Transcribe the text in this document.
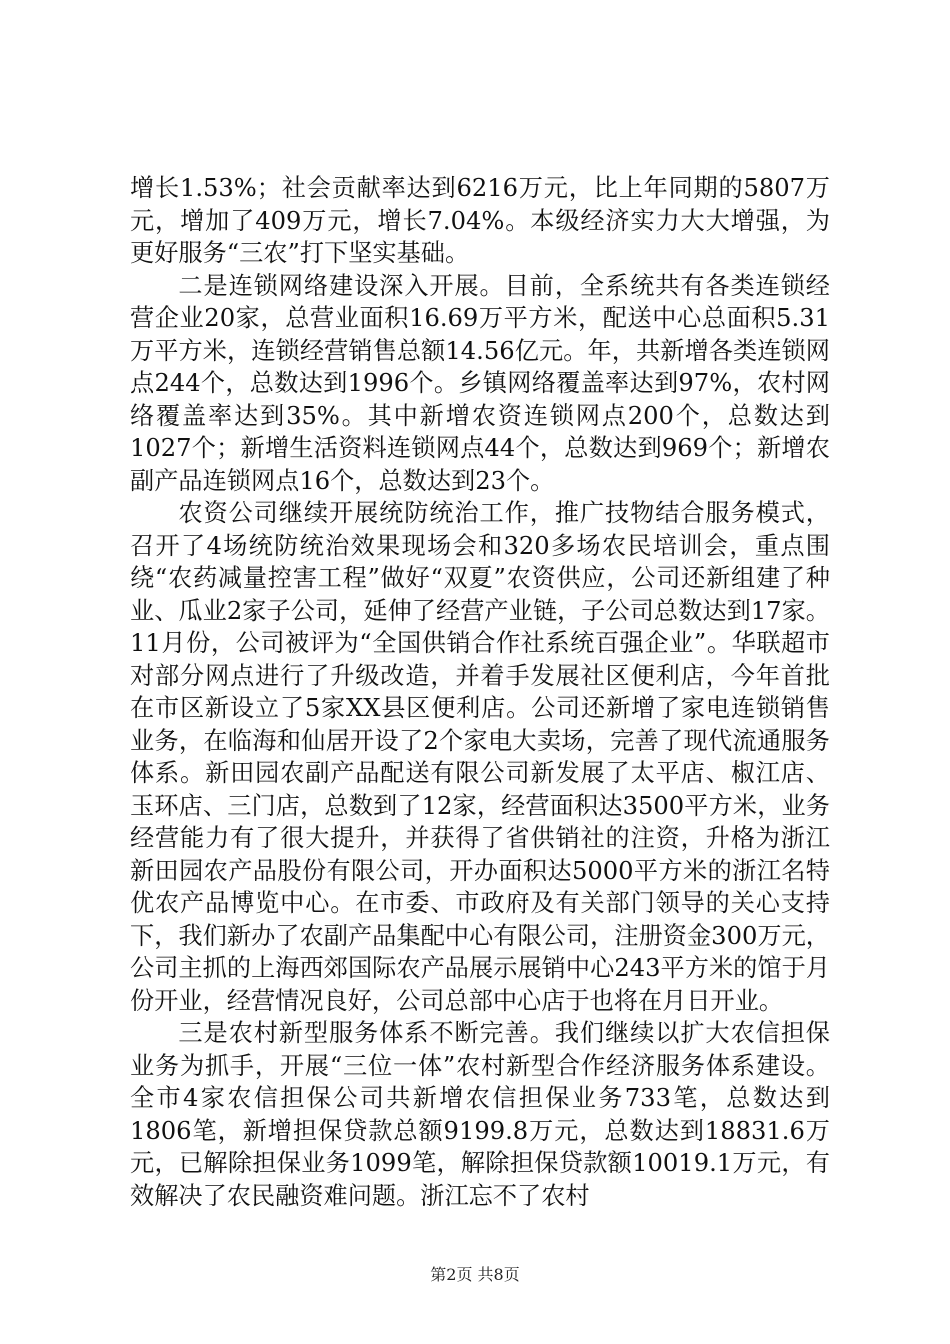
增长1.53%；社会贡献率达到6216万元，比上年同期的5807万元，增加了409万元，增长7.04%。本级经济实力大大增强，为更好服务“三农”打下坚实基础。

二是连锁网络建设深入开展。目前，全系统共有各类连锁经营企业20家，总营业面积16.69万平方米，配送中心总面积5.31万平方米，连锁经营销售总额14.56亿元。年，共新增各类连锁网点244个，总数达到1996个。乡镇网络覆盖率达到97%，农村网络覆盖率达到35%。其中新增农资连锁网点200个，总数达到1027个；新增生活资料连锁网点44个，总数达到969个；新增农副产品连锁网点16个，总数达到23个。

农资公司继续开展统防统治工作，推广技物结合服务模式，召开了4场统防统治效果现场会和320多场农民培训会，重点围绕“农药减量控害工程”做好“双夏”农资供应，公司还新组建了种业、瓜业2家子公司，延伸了经营产业链，子公司总数达到17家。11月份，公司被评为“全国供销合作社系统百强企业”。华联超市对部分网点进行了升级改造，并着手发展社区便利店，今年首批在市区新设立了5家XX县区便利店。公司还新增了家电连锁销售业务，在临海和仙居开设了2个家电大卖场，完善了现代流通服务体系。新田园农副产品配送有限公司新发展了太平店、椒江店、玉环店、三门店，总数到了12家，经营面积达3500平方米，业务经营能力有了很大提升，并获得了省供销社的注资，升格为浙江新田园农产品股份有限公司，开办面积达5000平方米的浙江名特优农产品博览中心。在市委、市政府及有关部门领导的关心支持下，我们新办了农副产品集配中心有限公司，注册资金300万元，公司主抓的上海西郊国际农产品展示展销中心243平方米的馆于月份开业，经营情况良好，公司总部中心店于也将在月日开业。

三是农村新型服务体系不断完善。我们继续以扩大农信担保业务为抓手，开展“三位一体”农村新型合作经济服务体系建设。全市4家农信担保公司共新增农信担保业务733笔，总数达到1806笔，新增担保贷款总额9199.8万元，总数达到18831.6万元，已解除担保业务1099笔，解除担保贷款额10019.1万元，有效解决了农民融资难问题。浙江忘不了农村

第2页 共8页
